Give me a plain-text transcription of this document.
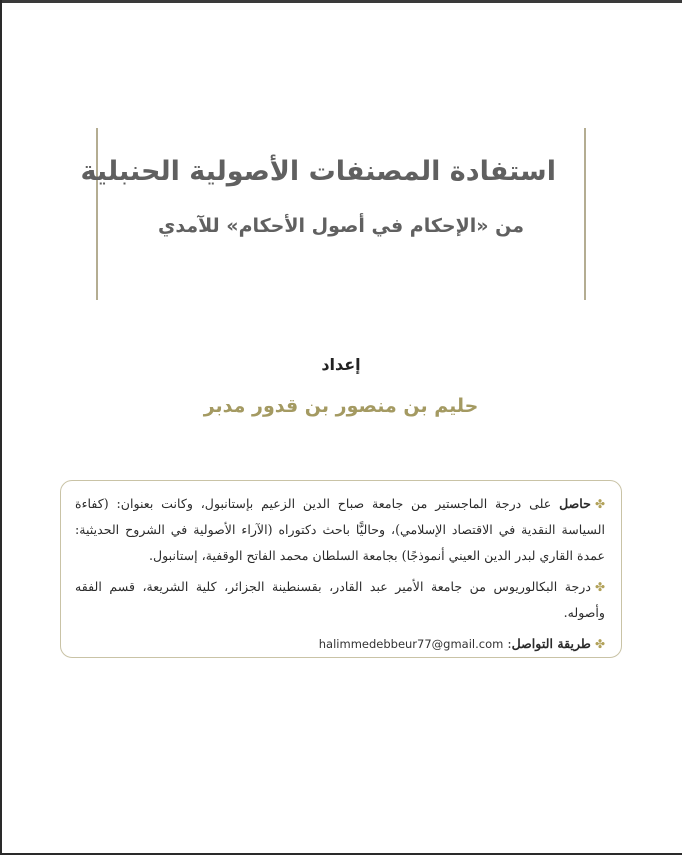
استفادة المصنفات الأصولية الحنبلية
من «الإحكام في أصول الأحكام» للآمدي
إعداد
حليم بن منصور بن قدور مدبر
✤حاصل على درجة الماجستير من جامعة صباح الدين الزعيم بإستانبول، وكانت بعنوان: (كفاءة السياسة النقدية في الاقتصاد الإسلامي)، وحاليًّا باحث دكتوراه (الآراء الأصولية في الشروح الحديثية: عمدة القاري لبدر الدين العيني أنموذجًا) بجامعة السلطان محمد الفاتح الوقفية، إستانبول.
✤درجة البكالوريوس من جامعة الأمير عبد القادر، بقسنطينة الجزائر، كلية الشريعة، قسم الفقه وأصوله.
✤طريقة التواصل: halimmedebbeur77@gmail.com
